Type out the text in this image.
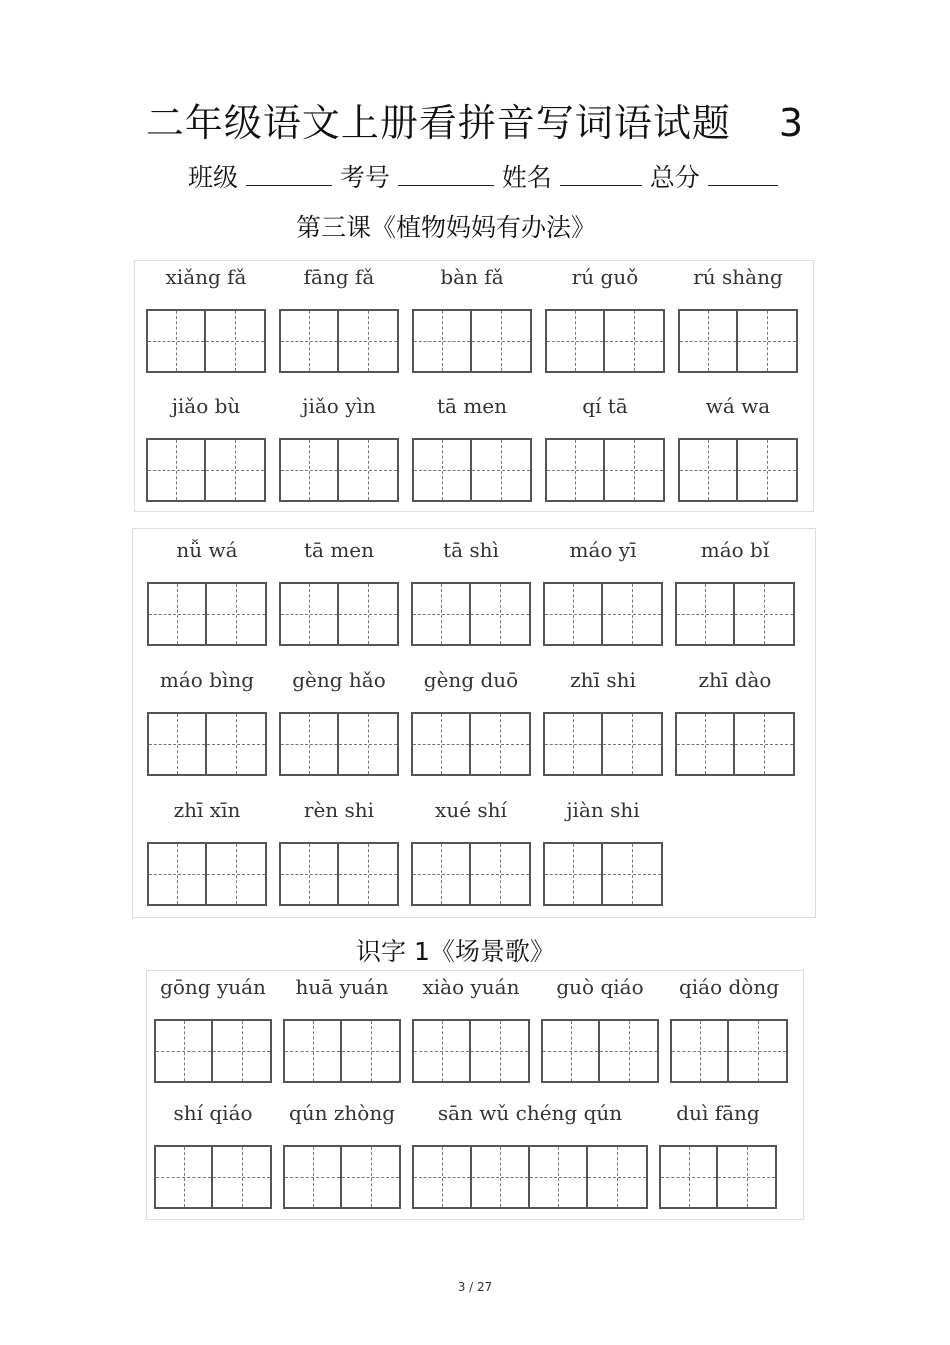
二年级语文上册看拼音写词语试题 3
班级	考号	姓名	总分
第三课《植物妈妈有办法》
xiǎng fǎ	fāng fǎ	bàn fǎ	rú guǒ	rú shàng
jiǎo bù	jiǎo yìn	tā men	qí tā	wá wa
nǚ wá	tā men	tā shì	máo yī	máo bǐ
máo bìng	gèng hǎo	gèng duō	zhī shi	zhī dào
zhī xīn	rèn shi	xué shí	jiàn shi
识字 1《场景歌》
gōng yuán	huā yuán	xiào yuán	guò qiáo	qiáo dòng
shí qiáo	qún zhòng	sān wǔ chéng qún	duì fāng
3 / 27
